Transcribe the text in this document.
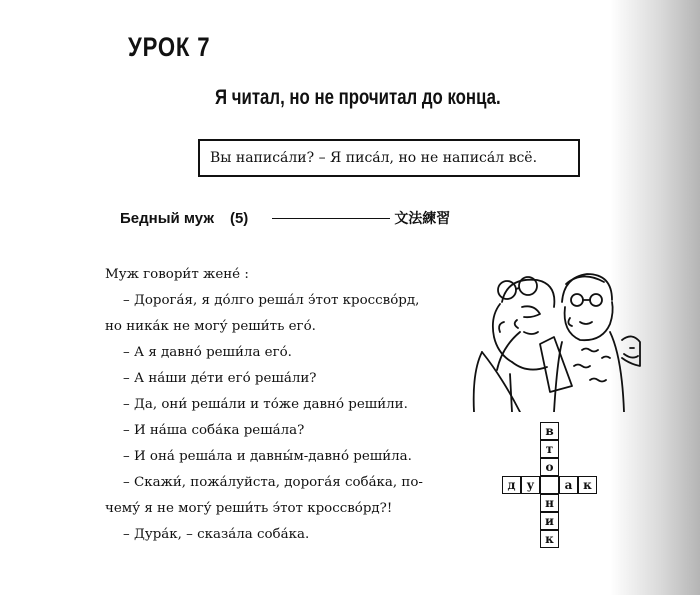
УРОК 7
Я читал, но не прочитал до конца.
Вы написа́ли? – Я писа́л, но не написа́л всё.
Бедный муж (5)	文法練習
Муж говори́т жене́ :
– Дорога́я, я до́лго реша́л э́тот кроссво́рд,
но ника́к не могу́ реши́ть его́.
– А я давно́ реши́ла его́.
– А на́ши де́ти его́ реша́ли?
– Да, они́ реша́ли и то́же давно́ реши́ли.
– И на́ша соба́ка реша́ла?
– И она́ реша́ла и давны́м-давно́ реши́ла.
– Скажи́, пожа́луйста, дорога́я соба́ка, по-
чему́ я не могу́ реши́ть э́тот кроссво́рд?!
– Дура́к, – сказа́ла соба́ка.
в
т
о
н
и
к
д у	а к
